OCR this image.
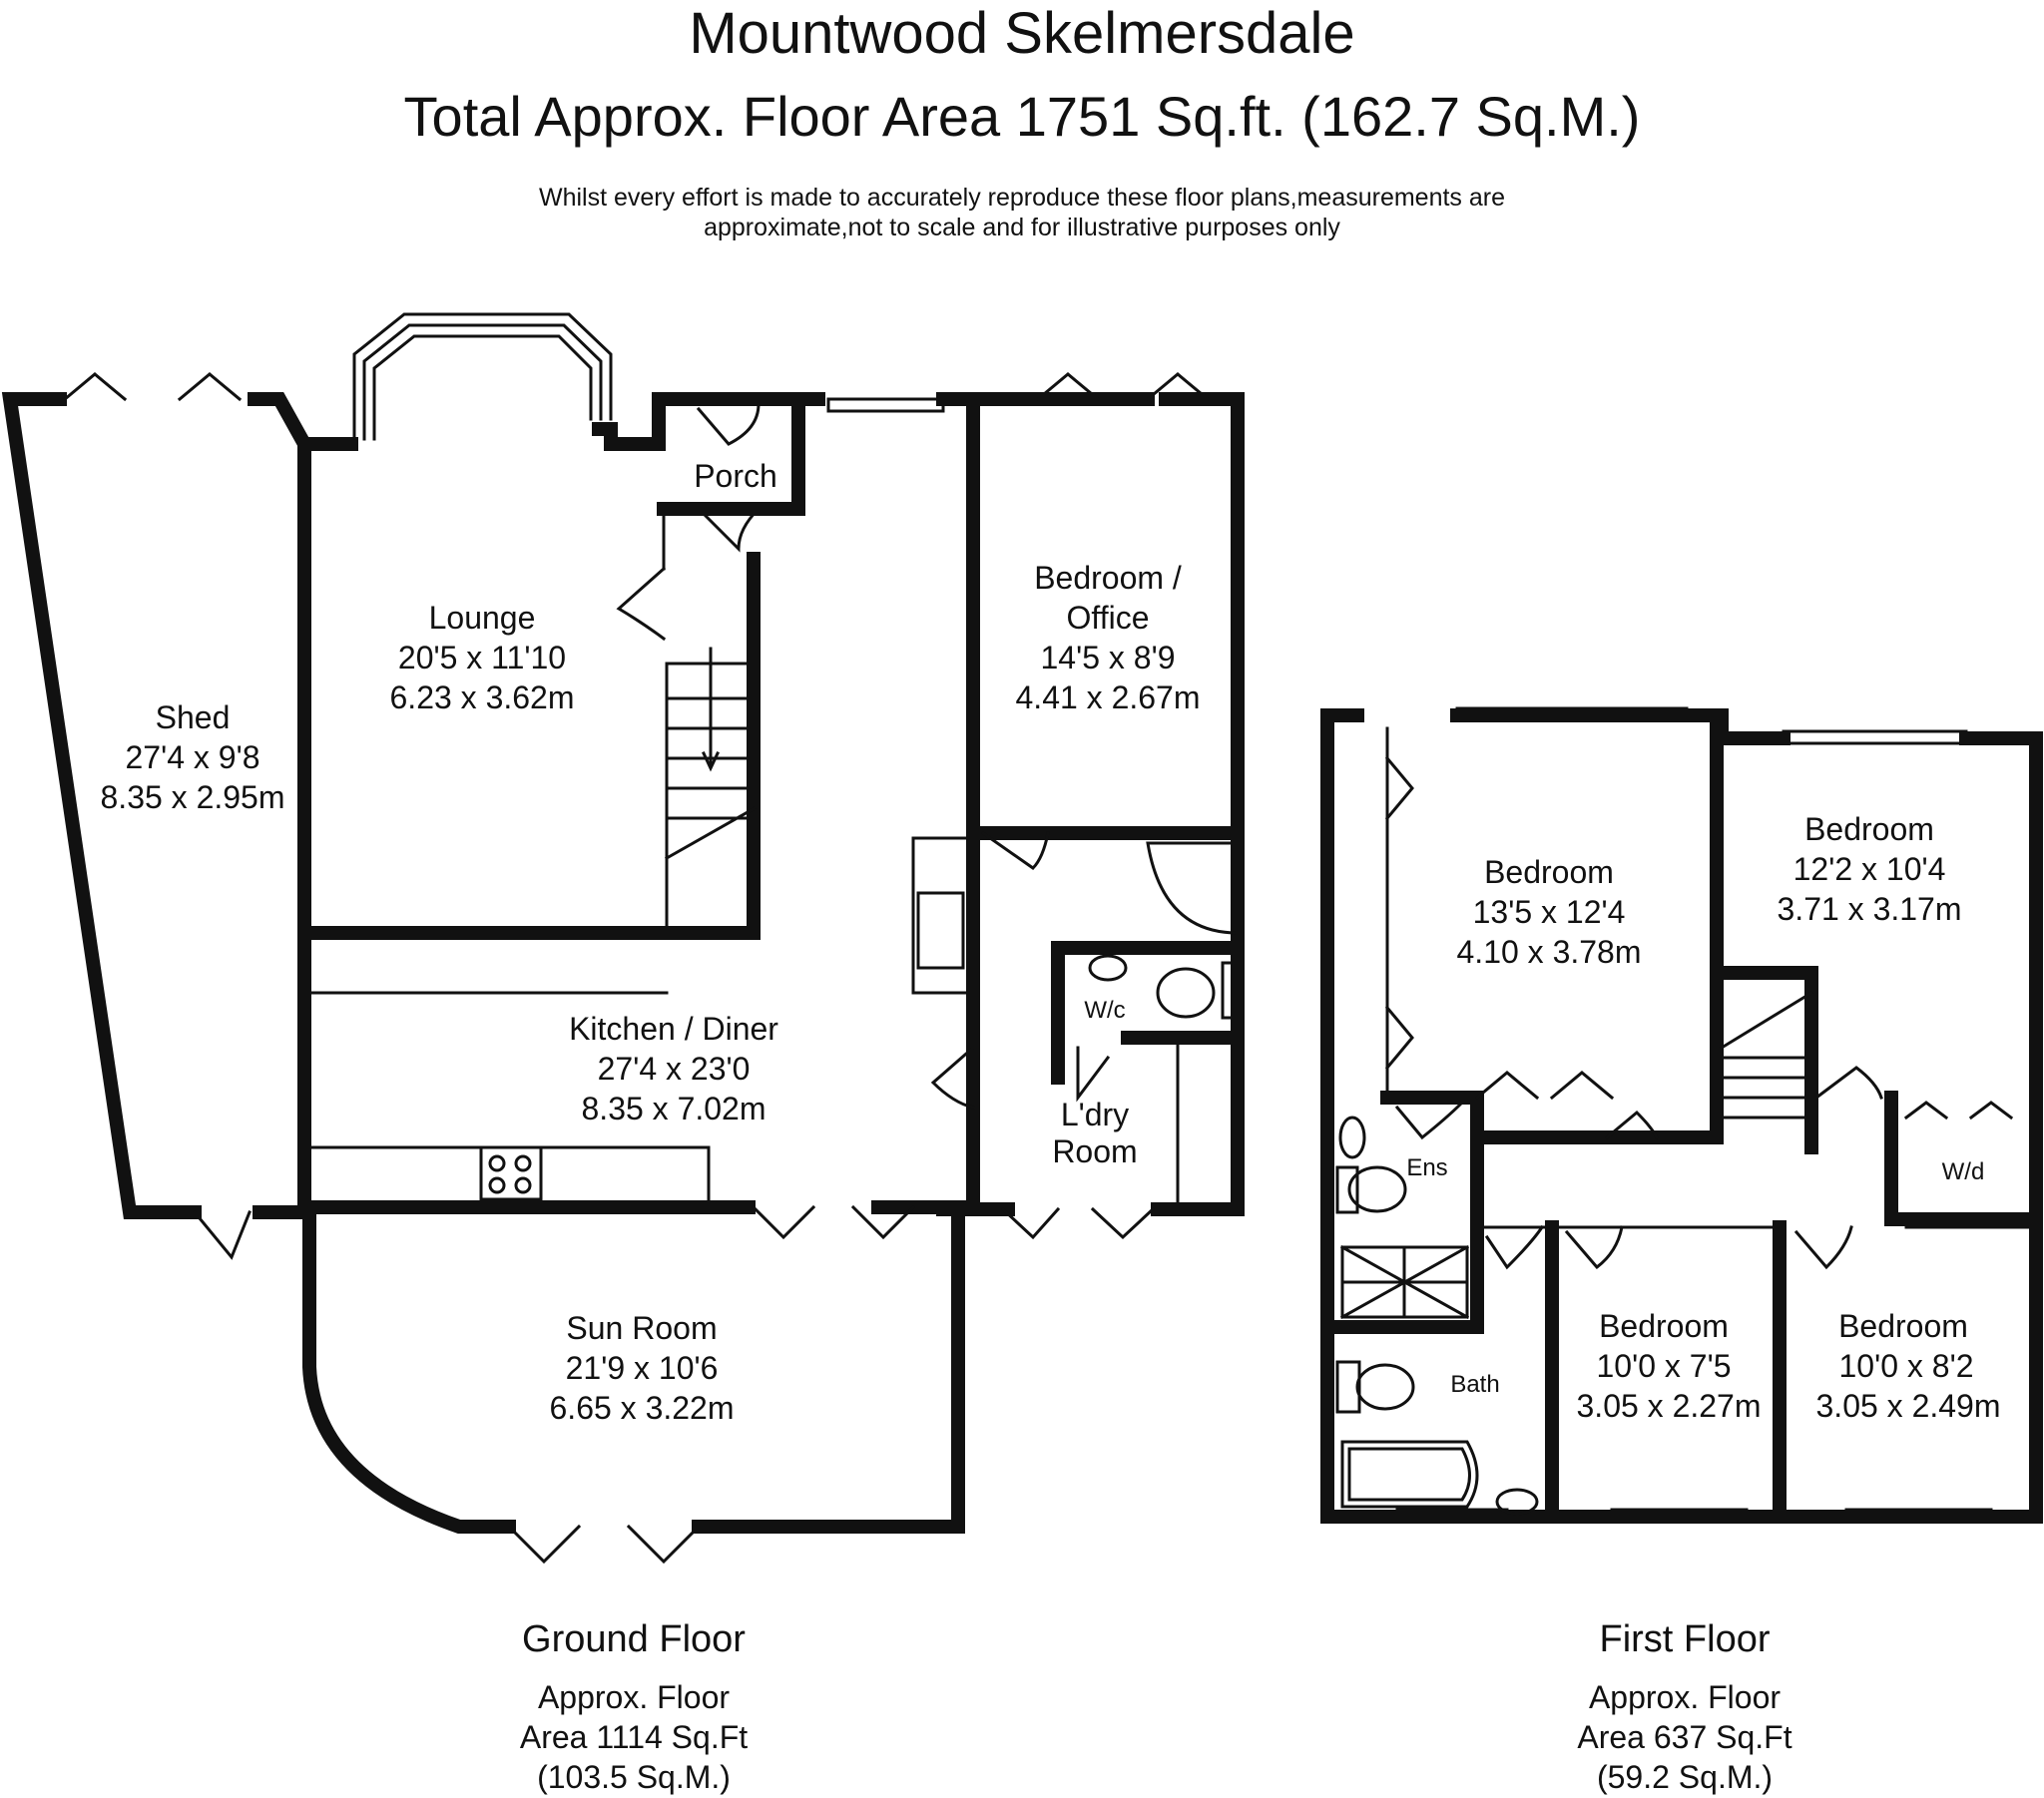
Mountwood Skelmersdale
Total Approx. Floor Area 1751 Sq.ft. (162.7 Sq.M.)
Whilst every effort is made to accurately reproduce these floor plans,measurements are
approximate,not to scale and for illustrative purposes only
Shed
27'4 x 9'8
8.35 x 2.95m
Lounge
20'5 x 11'10
6.23 x 3.62m
Porch
Bedroom /
Office
14'5 x 8'9
4.41 x 2.67m
Kitchen / Diner
27'4 x 23'0
8.35 x 7.02m
W/c
L'dry
Room
Sun Room
21'9 x 10'6
6.65 x 3.22m
Bedroom
13'5 x 12'4
4.10 x 3.78m
Bedroom
12'2 x 10'4
3.71 x 3.17m
Ens	W/d
Bath
Bedroom
10'0 x 7'5
3.05 x 2.27m
Bedroom
10'0 x 8'2
3.05 x 2.49m
Ground Floor
Approx. Floor
Area 1114 Sq.Ft
(103.5 Sq.M.)
First Floor
Approx. Floor
Area 637 Sq.Ft
(59.2 Sq.M.)
